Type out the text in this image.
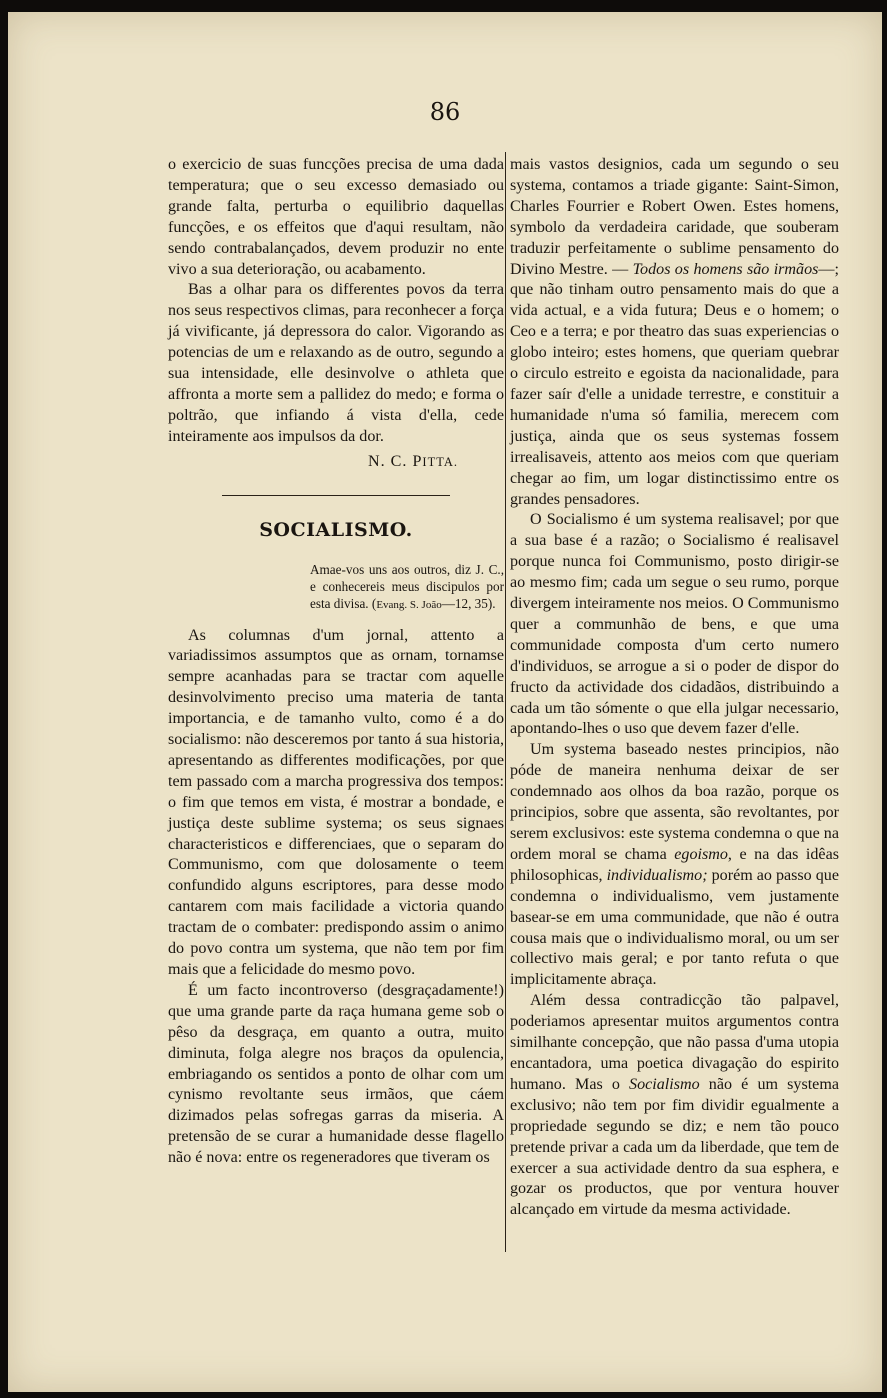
86

o exercicio de suas funcções precisa de uma dada temperatura; que o seu excesso demasiado ou grande falta, perturba o equilibrio daquellas funcções, e os effeitos que d'aqui resultam, não sendo contrabalançados, devem produzir no ente vivo a sua deterioração, ou acabamento.

Bas a olhar para os differentes povos da terra nos seus respectivos climas, para reconhecer a força já vivificante, já depressora do calor. Vigorando as potencias de um e relaxando as de outro, segundo a sua intensidade, elle desinvolve o athleta que affronta a morte sem a pallidez do medo; e forma o poltrão, que infiando á vista d'ella, cede inteiramente aos impulsos da dor.

N. C. PITTA.
SOCIALISMO.
Amae-vos uns aos outros, diz J. C., e conhecereis meus discipulos por esta divisa. (Evang. S. João—12, 35).

As columnas d'um jornal, attento a variadissimos assumptos que as ornam, tornamse sempre acanhadas para se tractar com aquelle desinvolvimento preciso uma materia de tanta importancia, e de tamanho vulto, como é a do socialismo: não desceremos por tanto á sua historia, apresentando as differentes modificações, por que tem passado com a marcha progressiva dos tempos: o fim que temos em vista, é mostrar a bondade, e justiça deste sublime systema; os seus signaes characteristicos e differenciaes, que o separam do Communismo, com que dolosamente o teem confundido alguns escriptores, para desse modo cantarem com mais facilidade a victoria quando tractam de o combater: predispondo assim o animo do povo contra um systema, que não tem por fim mais que a felicidade do mesmo povo.

É um facto incontroverso (desgraçadamente!) que uma grande parte da raça humana geme sob o pêso da desgraça, em quanto a outra, muito diminuta, folga alegre nos braços da opulencia, embriagando os sentidos a ponto de olhar com um cynismo revoltante seus irmãos, que cáem dizimados pelas sofregas garras da miseria. A pretensão de se curar a humanidade desse flagello não é nova: entre os regeneradores que tiveram os

mais vastos designios, cada um segundo o seu systema, contamos a triade gigante: Saint-Simon, Charles Fourrier e Robert Owen. Estes homens, symbolo da verdadeira caridade, que souberam traduzir perfeitamente o sublime pensamento do Divino Mestre. — Todos os homens são irmãos—; que não tinham outro pensamento mais do que a vida actual, e a vida futura; Deus e o homem; o Ceo e a terra; e por theatro das suas experiencias o globo inteiro; estes homens, que queriam quebrar o circulo estreito e egoista da nacionalidade, para fazer saír d'elle a unidade terrestre, e constituir a humanidade n'uma só familia, merecem com justiça, ainda que os seus systemas fossem irrealisaveis, attento aos meios com que queriam chegar ao fim, um logar distinctissimo entre os grandes pensadores.

O Socialismo é um systema realisavel; por que a sua base é a razão; o Socialismo é realisavel porque nunca foi Communismo, posto dirigir-se ao mesmo fim; cada um segue o seu rumo, porque divergem inteiramente nos meios. O Communismo quer a communhão de bens, e que uma communidade composta d'um certo numero d'individuos, se arrogue a si o poder de dispor do fructo da actividade dos cidadãos, distribuindo a cada um tão sómente o que ella julgar necessario, apontando-lhes o uso que devem fazer d'elle.

Um systema baseado nestes principios, não póde de maneira nenhuma deixar de ser condemnado aos olhos da boa razão, porque os principios, sobre que assenta, são revoltantes, por serem exclusivos: este systema condemna o que na ordem moral se chama egoismo, e na das idêas philosophicas, individualismo; porém ao passo que condemna o individualismo, vem justamente basear-se em uma communidade, que não é outra cousa mais que o individualismo moral, ou um ser collectivo mais geral; e por tanto refuta o que implicitamente abraça.

Além dessa contradicção tão palpavel, poderiamos apresentar muitos argumentos contra similhante concepção, que não passa d'uma utopia encantadora, uma poetica divagação do espirito humano. Mas o Socialismo não é um systema exclusivo; não tem por fim dividir egualmente a propriedade segundo se diz; e nem tão pouco pretende privar a cada um da liberdade, que tem de exercer a sua actividade dentro da sua esphera, e gozar os productos, que por ventura houver alcançado em virtude da mesma actividade.
